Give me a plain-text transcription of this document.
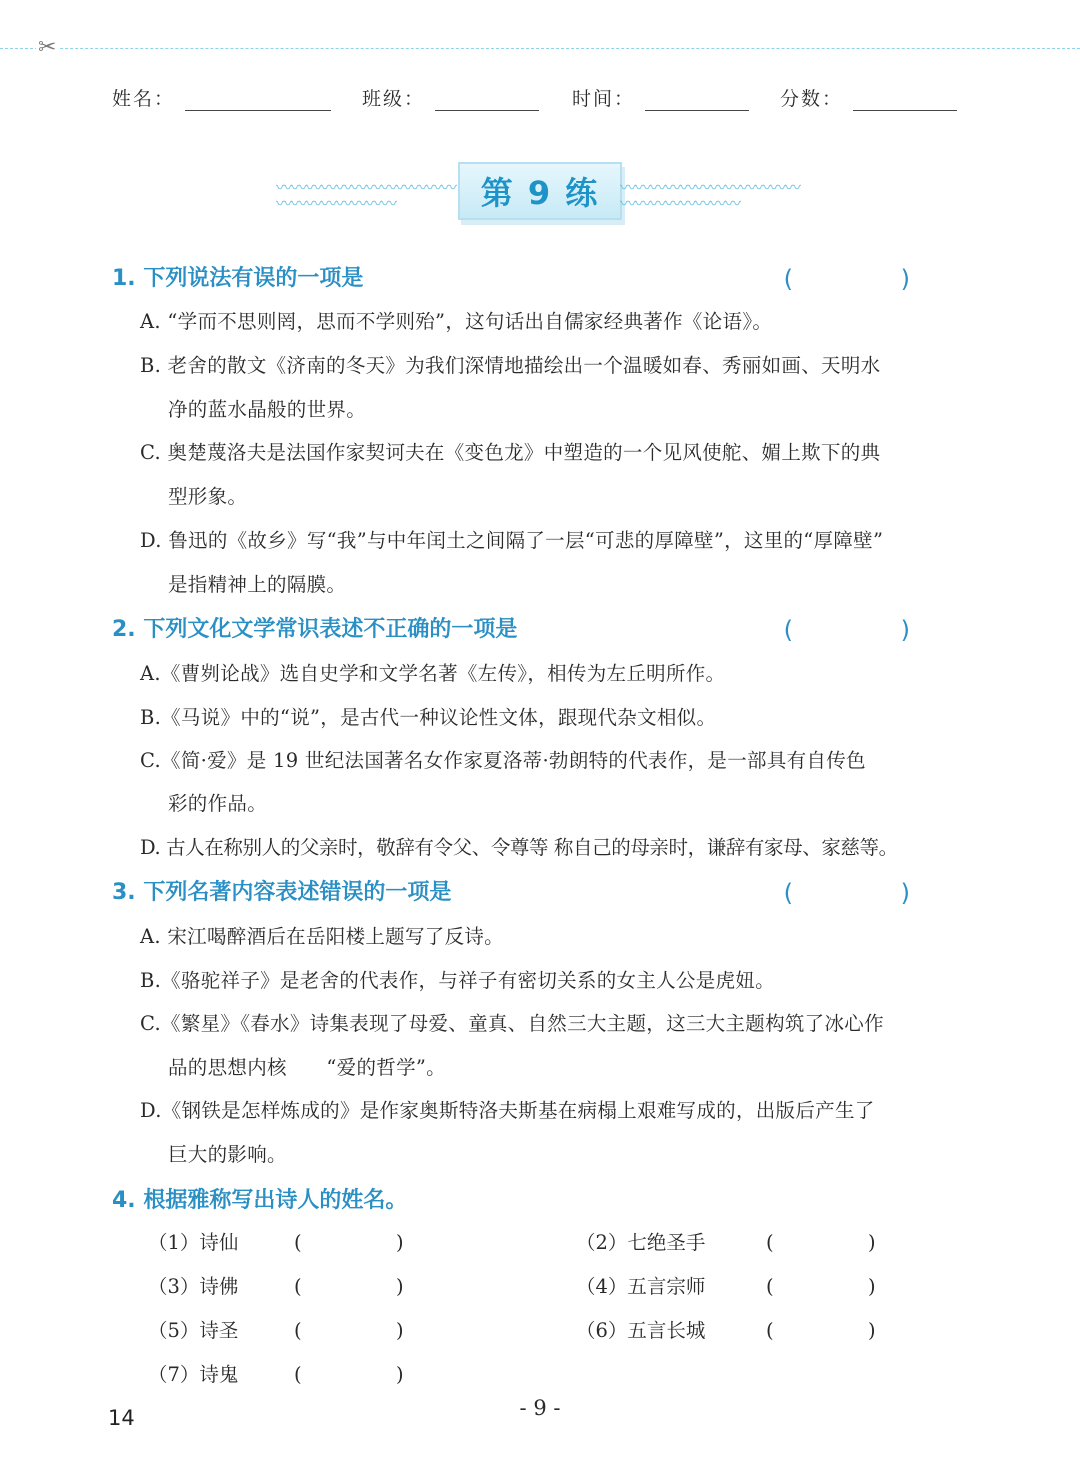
✂
姓名：	班级：	时间：	分数：
〰〰〰〰〰〰〰〰〰〰〰〰〰〰〰〰〰〰〰〰	第 9 练 〰〰〰〰〰〰〰〰〰〰〰〰〰〰〰〰〰〰〰〰
1. 下列说法有误的一项是	( )
A. “学而不思则罔，思而不学则殆”，这句话出自儒家经典著作《论语》。
B. 老舍的散文《济南的冬天》为我们深情地描绘出一个温暖如春、秀丽如画、天明水
净的蓝水晶般的世界。
C. 奥楚蔑洛夫是法国作家契诃夫在《变色龙》中塑造的一个见风使舵、媚上欺下的典
型形象。
D. 鲁迅的《故乡》写“我”与中年闰土之间隔了一层“可悲的厚障壁”，这里的“厚障壁”
是指精神上的隔膜。
2. 下列文化文学常识表述不正确的一项是	( )
A.《曹刿论战》选自史学和文学名著《左传》，相传为左丘明所作。
B.《马说》中的“说”，是古代一种议论性文体，跟现代杂文相似。
C.《简·爱》是 19 世纪法国著名女作家夏洛蒂·勃朗特的代表作，是一部具有自传色
彩的作品。
D. 古人在称别人的父亲时，敬辞有令父、令尊等 称自己的母亲时，谦辞有家母、家慈等。
3. 下列名著内容表述错误的一项是	( )
A. 宋江喝醉酒后在岳阳楼上题写了反诗。
B.《骆驼祥子》是老舍的代表作，与祥子有密切关系的女主人公是虎妞。
C.《繁星》《春水》诗集表现了母爱、童真、自然三大主题，这三大主题构筑了冰心作
品的思想内核　　“爱的哲学”。
D.《钢铁是怎样炼成的》是作家奥斯特洛夫斯基在病榻上艰难写成的，出版后产生了
巨大的影响。
4. 根据雅称写出诗人的姓名。
（1）诗仙	(	)	（2）七绝圣手	(	)
（3）诗佛	(	)	（4）五言宗师	(	)
（5）诗圣	(	)	（6）五言长城	(	)
（7）诗鬼	(	)
- 9 -
14
